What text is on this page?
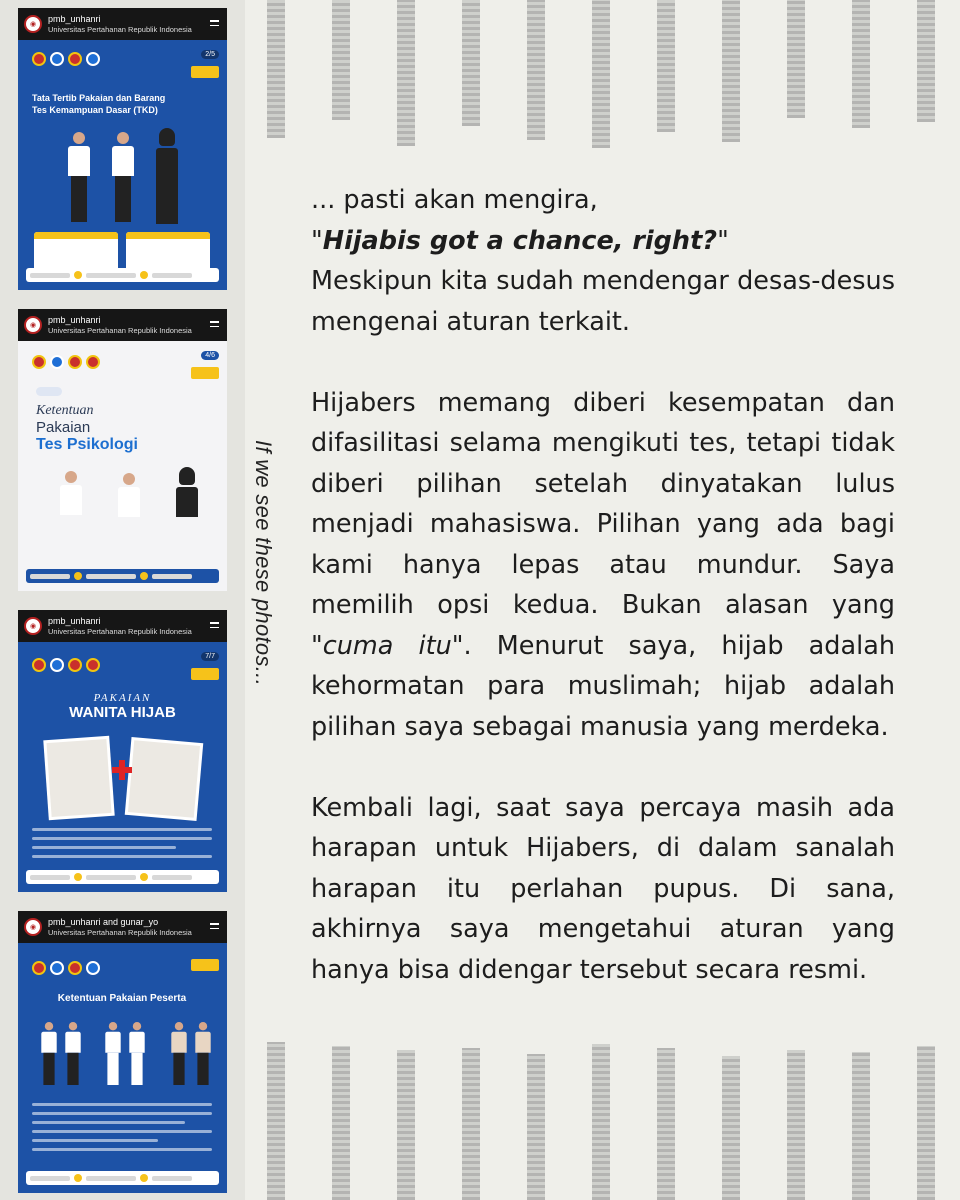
◉	pmb_unhanri
Universitas Pertahanan Republik Indonesia
2/5
Tata Tertib Pakaian dan Barang
Tes Kemampuan Dasar (TKD)
◉	pmb_unhanri
Universitas Pertahanan Republik Indonesia
4/6
Ketentuan
Pakaian
Tes Psikologi
◉	pmb_unhanri
Universitas Pertahanan Republik Indonesia
7/7
PAKAIAN
WANITA HIJAB
◉	pmb_unhanri and gunar_yo
Universitas Pertahanan Republik Indonesia
Ketentuan Pakaian Peserta
If we see these photos...

... pasti akan mengira,

"Hijabis got a chance, right?"

Meskipun kita sudah mendengar desas-desus mengenai aturan terkait.

Hijabers memang diberi kesempatan dan difasilitasi selama mengikuti tes, tetapi tidak diberi pilihan setelah dinyatakan lulus menjadi mahasiswa. Pilihan yang ada bagi kami hanya lepas atau mundur. Saya memilih opsi kedua. Bukan alasan yang "cuma itu". Menurut saya, hijab adalah kehormatan para muslimah; hijab adalah pilihan saya sebagai manusia yang merdeka.

Kembali lagi, saat saya percaya masih ada harapan untuk Hijabers, di dalam sanalah harapan itu perlahan pupus. Di sana, akhirnya saya mengetahui aturan yang hanya bisa didengar tersebut secara resmi.
